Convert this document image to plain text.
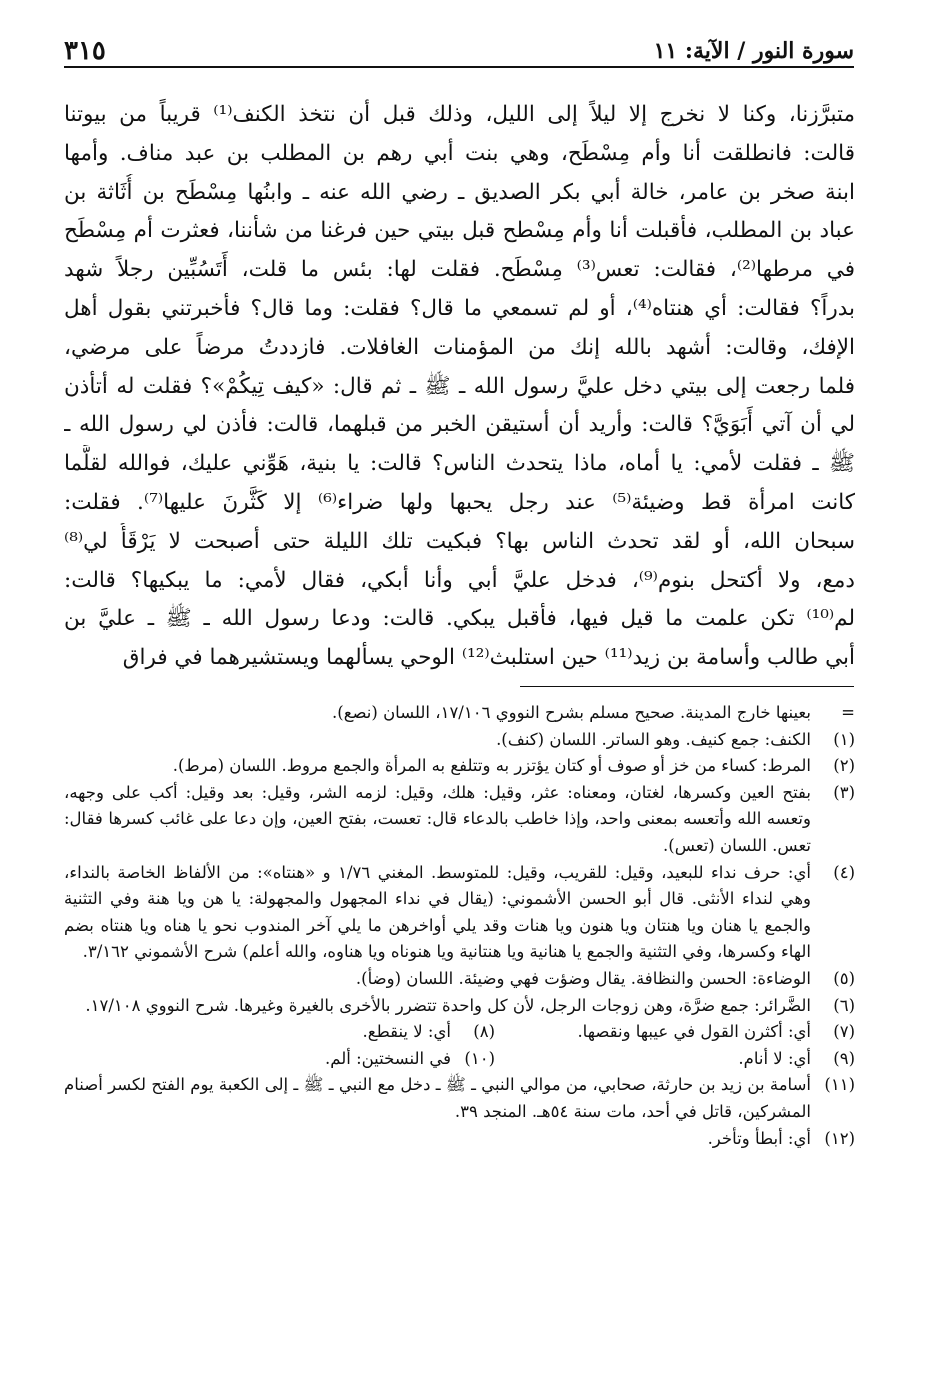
سورة النور / الآية: ١١
٣١٥
متبرَّزنا، وكنا لا نخرج إلا ليلاً إلى الليل، وذلك قبل أن نتخذ الكنف⁽¹⁾ قريباً من بيوتنا
قالت: فانطلقت أنا وأم مِسْطَح، وهي بنت أبي رهم بن المطلب بن عبد مناف. وأمها
ابنة صخر بن عامر، خالة أبي بكر الصديق ـ رضي الله عنه ـ وابنُها مِسْطَح بن أُثَاثة بن
عباد بن المطلب، فأقبلت أنا وأم مِسْطح قبل بيتي حين فرغنا من شأننا، فعثرت أم مِسْطَح
في مرطها⁽²⁾، فقالت: تعس⁽³⁾ مِسْطَح. فقلت لها: بئس ما قلت، أَتَسُبِّين رجلاً شهد
بدراً؟ فقالت: أي هنتاه⁽⁴⁾، أو لم تسمعي ما قال؟ فقلت: وما قال؟ فأخبرتني بقول أهل
الإفك، وقالت: أشهد بالله إنك من المؤمنات الغافلات. فازددتُ مرضاً على مرضي،
فلما رجعت إلى بيتي دخل عليَّ رسول الله ـ ﷺ ـ ثم قال: «كيف تِيكُمْ»؟ فقلت له أتأذن
لي أن آتي أَبَوَيَّ؟ قالت: وأريد أن أستيقن الخبر من قبلهما، قالت: فأذن لي رسول الله ـ
ﷺ ـ فقلت لأمي: يا أماه، ماذا يتحدث الناس؟ قالت: يا بنية، هَوِّني عليك، فوالله لقلَّما
كانت امرأة قط وضيئة⁽⁵⁾ عند رجل يحبها ولها ضراء⁽⁶⁾ إلا كَثَّرنَ عليها⁽⁷⁾. فقلت:
سبحان الله، أو لقد تحدث الناس بها؟ فبكيت تلك الليلة حتى أصبحت لا يَرْقَأُ لي⁽⁸⁾
دمع، ولا أكتحل بنوم⁽⁹⁾، فدخل عليَّ أبي وأنا أبكي، فقال لأمي: ما يبكيها؟ قالت:
لم⁽¹⁰⁾ تكن علمت ما قيل فيها، فأقبل يبكي. قالت: ودعا رسول الله ـ ﷺ ـ عليَّ بن
أبي طالب وأسامة بن زيد⁽¹¹⁾ حين استلبث⁽¹²⁾ الوحي يسألهما ويستشيرهما في فراق
=
بعينها خارج المدينة. صحيح مسلم بشرح النووي ١٧/١٠٦، اللسان (نصع).
(١)
الكنف: جمع كنيف. وهو الساتر. اللسان (كنف).
(٢)
المرط: كساء من خز أو صوف أو كتان يؤتزر به وتتلفع به المرأة والجمع مروط. اللسان (مرط).
(٣)
بفتح العين وكسرها، لغتان، ومعناه: عثر، وقيل: هلك، وقيل: لزمه الشر، وقيل: بعد وقيل: أكب على وجهه، وتعسه الله وأتعسه بمعنى واحد، وإذا خاطب بالدعاء قال: تعست، بفتح العين، وإن دعا على غائب كسرها فقال: تعس. اللسان (تعس).
(٤)
أي: حرف نداء للبعيد، وقيل: للقريب، وقيل: للمتوسط. المغني ١/٧٦ و «هنتاه»: من الألفاظ الخاصة بالنداء، وهي لنداء الأنثى. قال أبو الحسن الأشموني: (يقال في نداء المجهول والمجهولة: يا هن ويا هنة وفي التثنية والجمع يا هنان ويا هنتان ويا هنون ويا هنات وقد يلي أواخرهن ما يلي آخر المندوب نحو يا هناه ويا هنتاه بضم الهاء وكسرها، وفي التثنية والجمع يا هنانية ويا هنتانية ويا هنوناه ويا هناوه، والله أعلم) شرح الأشموني ٣/١٦٢.
(٥)
الوضاءة: الحسن والنظافة. يقال وضؤت فهي وضيئة. اللسان (وضأ).
(٦)
الضَّرائر: جمع ضرَّة، وهن زوجات الرجل، لأن كل واحدة تتضرر بالأخرى بالغيرة وغيرها. شرح النووي ١٧/١٠٨.
(٧)
أي: أكثرن القول في عيبها ونقصها.
(٨)
أي: لا ينقطع.
(٩)
أي: لا أنام.
(١٠)
في النسختين: ألم.
(١١)
أسامة بن زيد بن حارثة، صحابي، من موالي النبي ـ ﷺ ـ دخل مع النبي ـ ﷺ ـ إلى الكعبة يوم الفتح لكسر أصنام المشركين، قاتل في أحد، مات سنة ٥٤هـ. المنجد ٣٩.
(١٢)
أي: أبطأ وتأخر.
